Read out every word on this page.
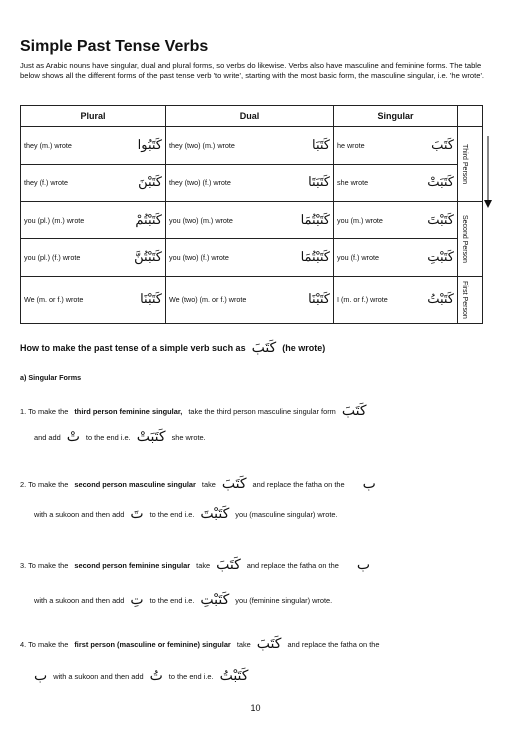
Simple Past Tense Verbs
Just as Arabic nouns have singular, dual and plural forms, so verbs do likewise. Verbs also have masculine and feminine forms. The table below shows all the different forms of the past tense verb 'to write', starting with the most basic form, the masculine singular, i.e. 'he wrote'.
Plural	Dual	Singular	

they (m.) wrote كَتَبُوا	they (two) (m.) wrote كَتَبَا	he wrote كَتَبَ	Third Person

they (f.) wrote كَتَبْنَ	they (two) (f.) wrote كَتَبَتَا	she wrote كَتَبَتْ	

you (pl.) (m.) wrote كَتَبْتُمْ	you (two) (m.) wrote كَتَبْتُمَا	you (m.) wrote كَتَبْتَ	Second Person

you (pl.) (f.) wrote كَتَبْتُنَّ	you (two) (f.) wrote كَتَبْتُمَا	you (f.) wrote كَتَبْتِ	

We (m. or f.) wrote كَتَبْنَا	We (two) (m. or f.) wrote كَتَبْنَا	I (m. or f.) wrote كَتَبْتُ	First Person
How to make the past tense of a simple verb such as كَتَبَ (he wrote)
a) Singular Forms
1. To make the third person feminine singular, take the third person masculine singular form كَتَبَ
and add تْ to the end i.e. كَتَبَتْ she wrote.
2. To make the second person masculine singular take كَتَبَ and replace the fatha on the ب
with a sukoon and then add تَ to the end i.e. كَتَبْتَ you (masculine singular) wrote.
3. To make the second person feminine singular take كَتَبَ and replace the fatha on the ب
with a sukoon and then add تِ to the end i.e. كَتَبْتِ you (feminine singular) wrote.
4. To make the first person (masculine or feminine) singular take كَتَبَ and replace the fatha on the
ب with a sukoon and then add تُ to the end i.e. كَتَبْتُ
10
